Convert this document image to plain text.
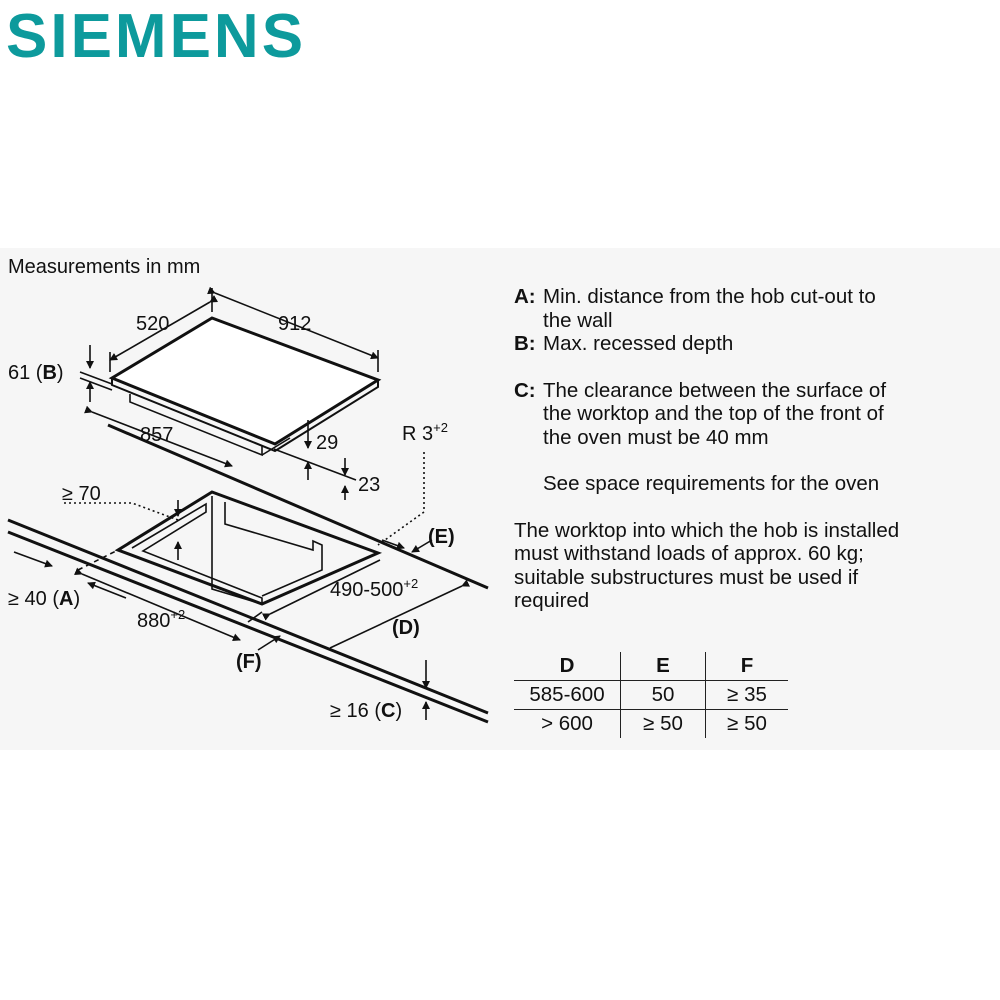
SIEMENS
Measurements in mm
520	912
61 (B)
857	29
23
R $3^{+2}$
≥ 70
(E)
≥ 40 (A)	$490-500^{+2}$
$880^{+2}$
(D)
(F)
≥ 16 (C)
A: Min. distance from the hob cut-out to
the wall
B: Max. recessed depth
C: The clearance between the surface of
the worktop and the top of the front of
the oven must be 40 mm
See space requirements for the oven
The worktop into which the hob is installed
must withstand loads of approx. 60 kg;
suitable substructures must be used if
required
D	E	F
585-600	50	≥ 35
> 600	≥ 50	≥ 50
